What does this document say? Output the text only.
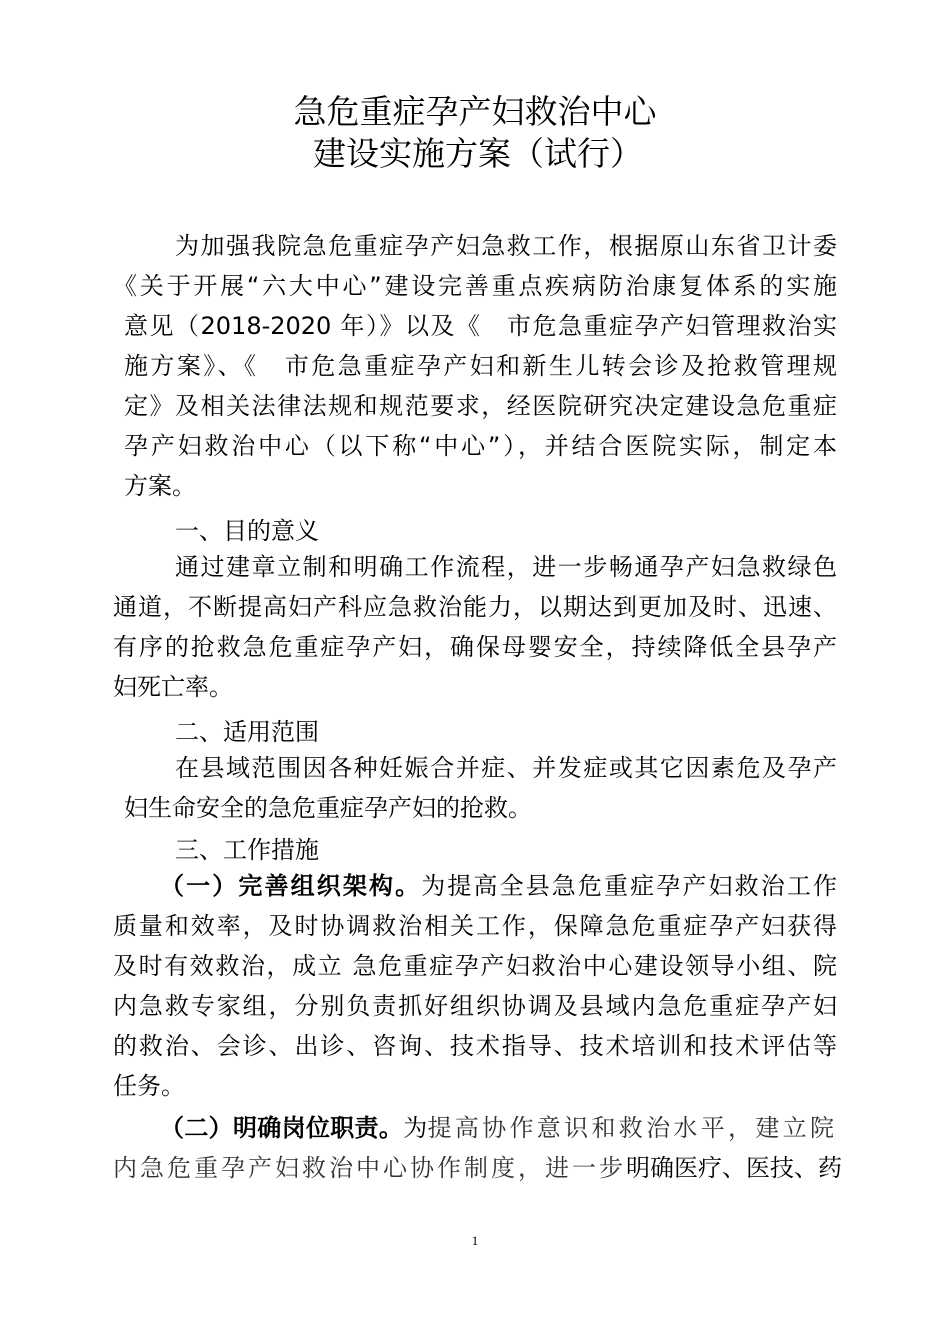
急危重症孕产妇救治中心
建设实施方案（试行）
为加强我院急危重症孕产妇急救工作，根据原山东省卫计委
《关于开展“六大中心”建设完善重点疾病防治康复体系的实施
意见（2018-2020 年）》以及《　市危急重症孕产妇管理救治实
施方案》、《　市危急重症孕产妇和新生儿转会诊及抢救管理规
定》及相关法律法规和规范要求，经医院研究决定建设急危重症
孕产妇救治中心（以下称“中心”），并结合医院实际，制定本
方案。
一、目的意义
通过建章立制和明确工作流程，进一步畅通孕产妇急救绿色
通道，不断提高妇产科应急救治能力，以期达到更加及时、迅速、
有序的抢救急危重症孕产妇，确保母婴安全，持续降低全县孕产
妇死亡率。
二、适用范围
在县域范围因各种妊娠合并症、并发症或其它因素危及孕产
妇生命安全的急危重症孕产妇的抢救。
三、工作措施
（一）完善组织架构。为提高全县急危重症孕产妇救治工作
质量和效率，及时协调救治相关工作，保障急危重症孕产妇获得
及时有效救治，成立 急危重症孕产妇救治中心建设领导小组、院
内急救专家组，分别负责抓好组织协调及县域内急危重症孕产妇
的救治、会诊、出诊、咨询、技术指导、技术培训和技术评估等
任务。
（二）明确岗位职责。为提高协作意识和救治水平，建立院
内急危重孕产妇救治中心协作制度，进一步明确医疗、医技、药
1
